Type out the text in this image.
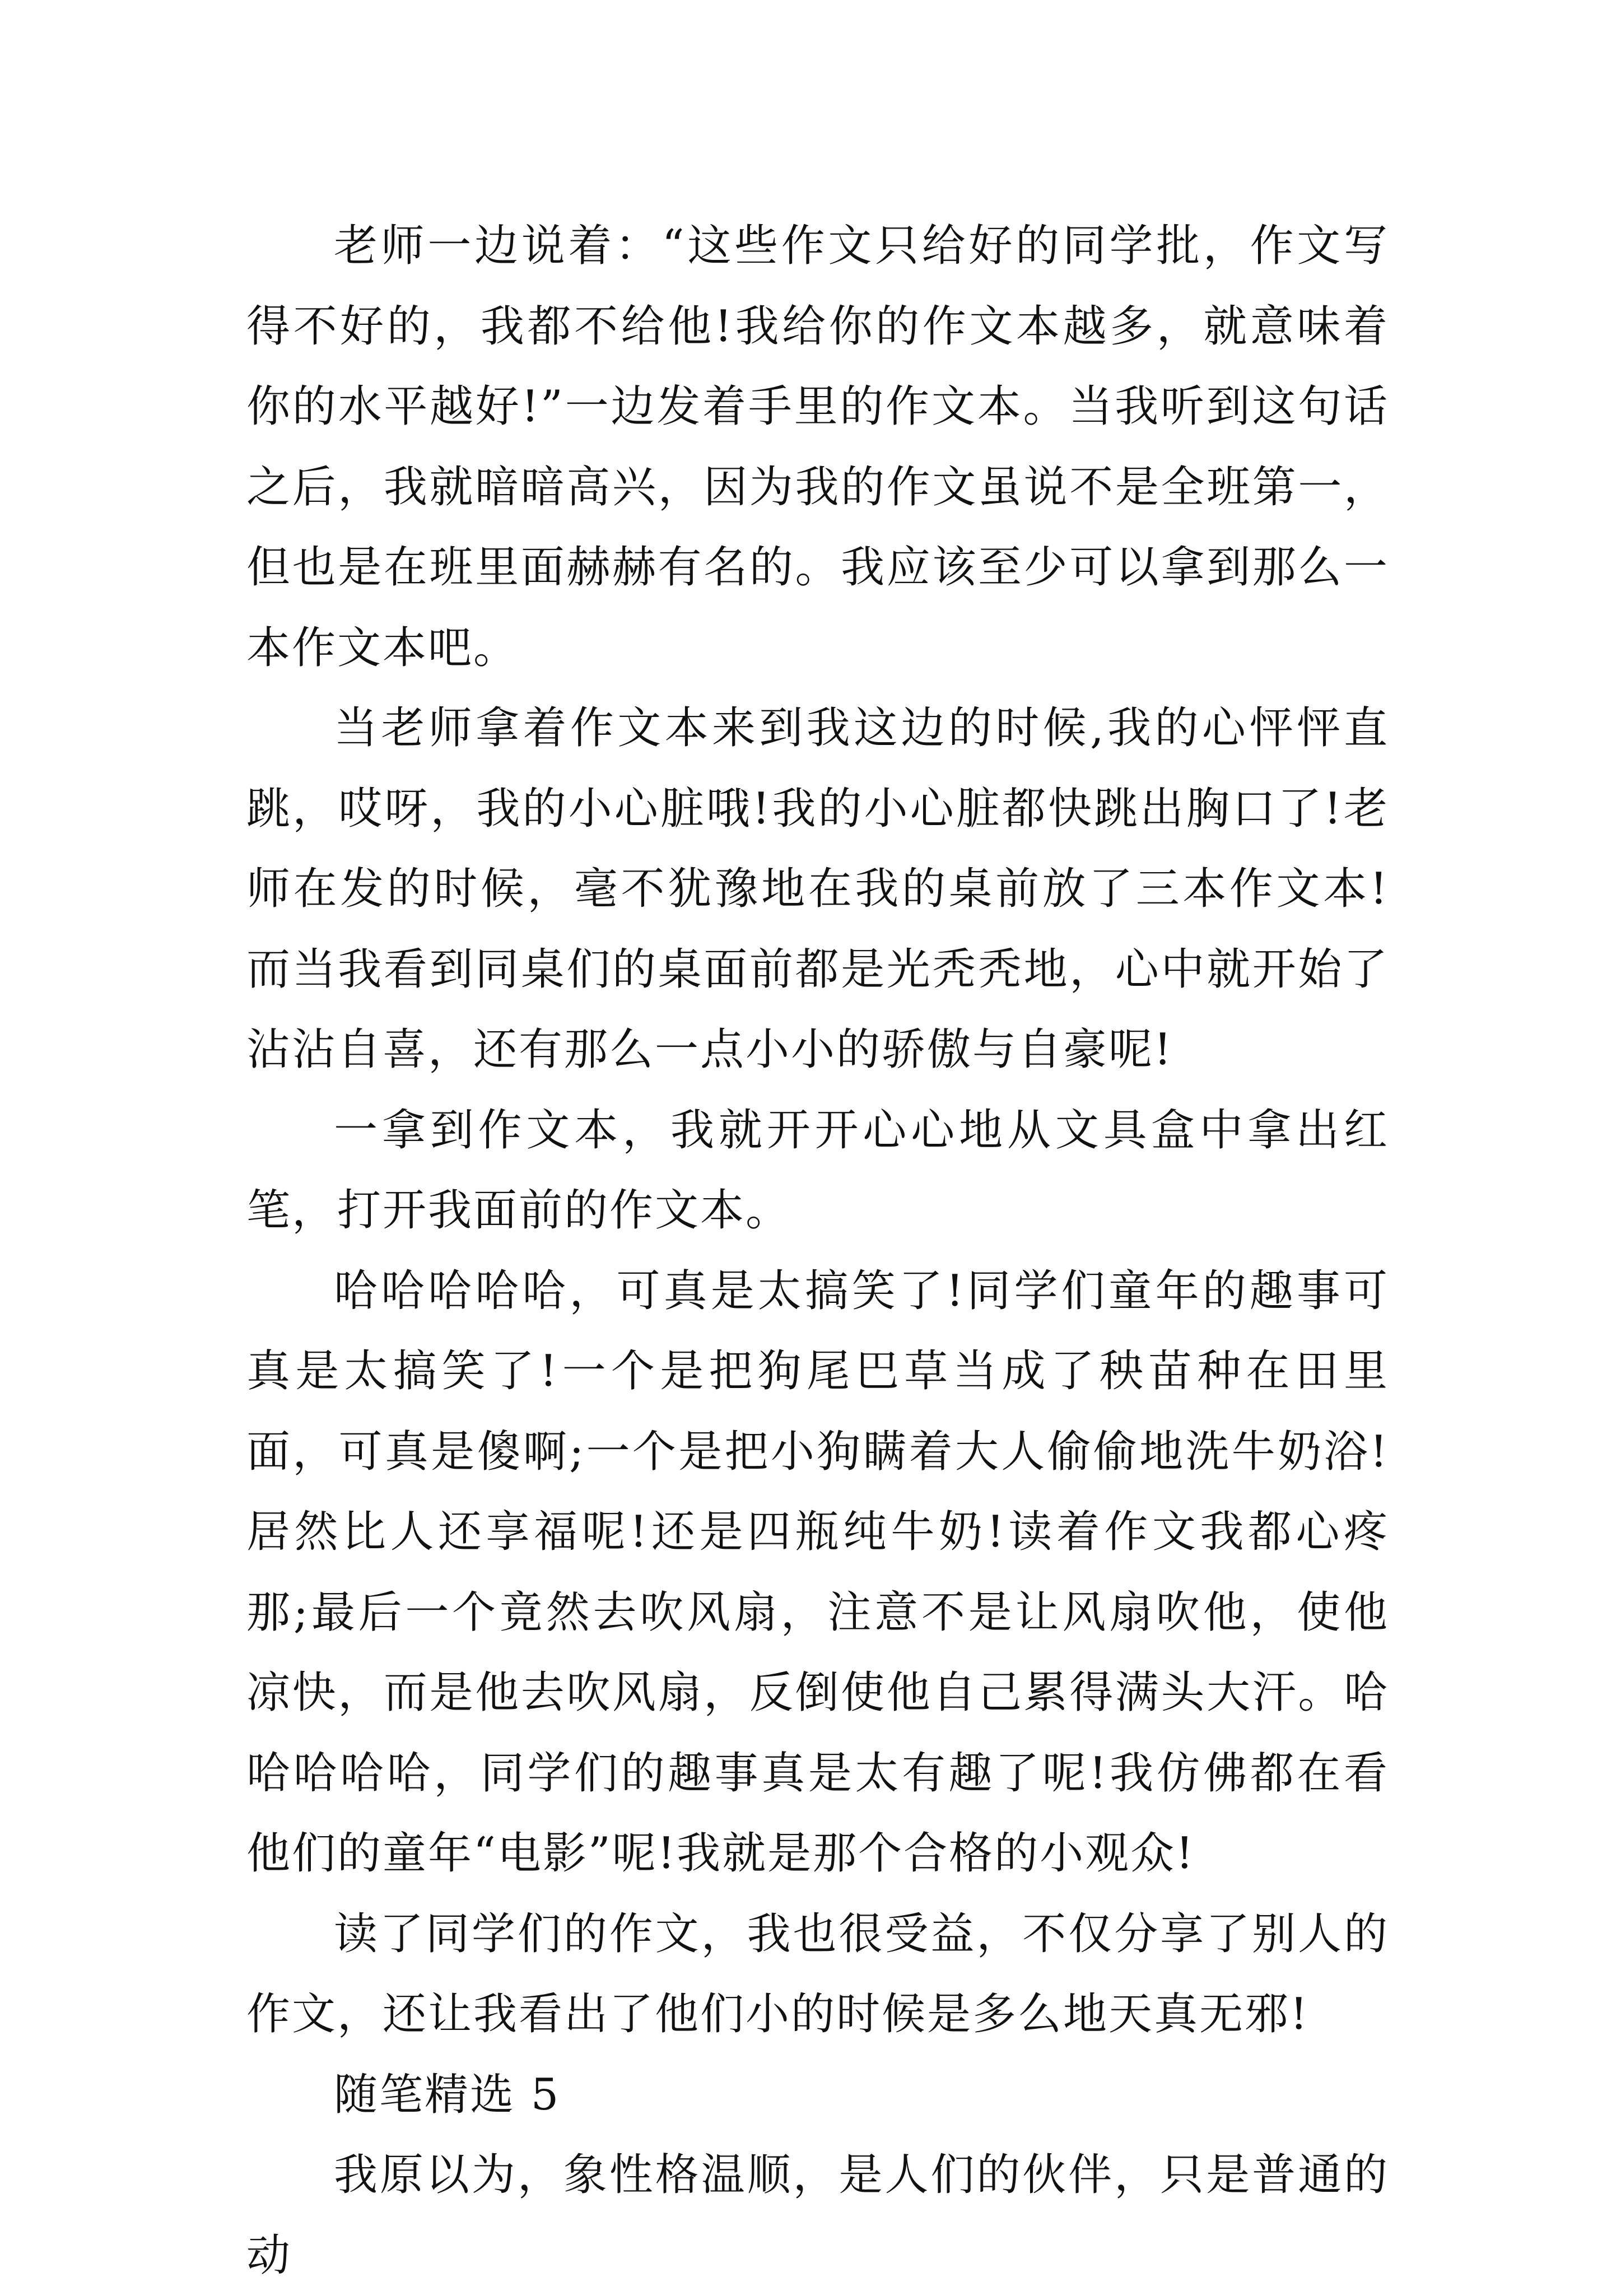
老师一边说着：“这些作文只给好的同学批，作文写得不好的，我都不给他!我给你的作文本越多，就意味着你的水平越好!”一边发着手里的作文本。当我听到这句话之后，我就暗暗高兴，因为我的作文虽说不是全班第一，但也是在班里面赫赫有名的。我应该至少可以拿到那么一本作文本吧。

当老师拿着作文本来到我这边的时候,我的心怦怦直跳，哎呀，我的小心脏哦!我的小心脏都快跳出胸口了!老师在发的时候，毫不犹豫地在我的桌前放了三本作文本!而当我看到同桌们的桌面前都是光秃秃地，心中就开始了沾沾自喜，还有那么一点小小的骄傲与自豪呢!

一拿到作文本，我就开开心心地从文具盒中拿出红笔，打开我面前的作文本。

哈哈哈哈哈，可真是太搞笑了!同学们童年的趣事可真是太搞笑了!一个是把狗尾巴草当成了秧苗种在田里面，可真是傻啊;一个是把小狗瞒着大人偷偷地洗牛奶浴!居然比人还享福呢!还是四瓶纯牛奶!读着作文我都心疼那;最后一个竟然去吹风扇，注意不是让风扇吹他，使他凉快，而是他去吹风扇，反倒使他自己累得满头大汗。哈哈哈哈哈，同学们的趣事真是太有趣了呢!我仿佛都在看他们的童年“电影”呢!我就是那个合格的小观众!

读了同学们的作文，我也很受益，不仅分享了别人的作文，还让我看出了他们小的时候是多么地天真无邪!

随笔精选 5

我原以为，象性格温顺，是人们的伙伴，只是普通的动
